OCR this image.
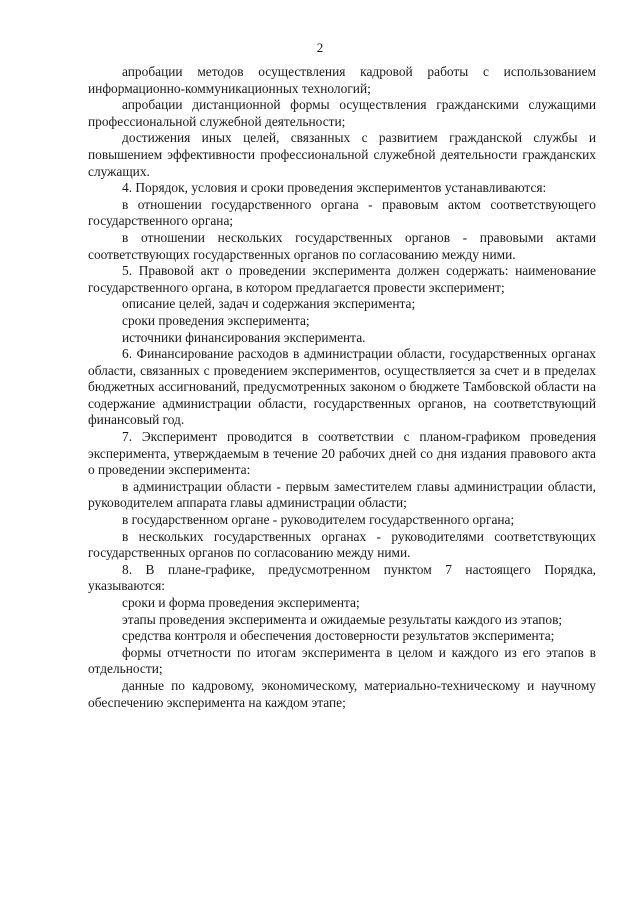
2

апробации методов осуществления кадровой работы с использованием информационно-коммуникационных технологий;

апробации дистанционной формы осуществления гражданскими служащими профессиональной служебной деятельности;

достижения иных целей, связанных с развитием гражданской службы и повышением эффективности профессиональной служебной деятельности гражданских служащих.

4. Порядок, условия и сроки проведения экспериментов устанавливаются:

в отношении государственного органа - правовым актом соответствующего государственного органа;

в отношении нескольких государственных органов - правовыми актами соответствующих государственных органов по согласованию между ними.

5. Правовой акт о проведении эксперимента должен содержать: наименование государственного органа, в котором предлагается провести эксперимент;

описание целей, задач и содержания эксперимента;

сроки проведения эксперимента;

источники финансирования эксперимента.

6. Финансирование расходов в администрации области, государственных органах области, связанных с проведением экспериментов, осуществляется за счет и в пределах бюджетных ассигнований, предусмотренных законом о бюджете Тамбовской области на содержание администрации области, государственных органов, на соответствующий финансовый год.

7. Эксперимент проводится в соответствии с планом-графиком проведения эксперимента, утверждаемым в течение 20 рабочих дней со дня издания правового акта о проведении эксперимента:

в администрации области - первым заместителем главы администрации области, руководителем аппарата главы администрации области;

в государственном органе - руководителем государственного органа;

в нескольких государственных органах - руководителями соответствующих государственных органов по согласованию между ними.

8. В плане-графике, предусмотренном пунктом 7 настоящего Порядка, указываются:

сроки и форма проведения эксперимента;

этапы проведения эксперимента и ожидаемые результаты каждого из этапов;

средства контроля и обеспечения достоверности результатов эксперимента;

формы отчетности по итогам эксперимента в целом и каждого из его этапов в отдельности;

данные по кадровому, экономическому, материально-техническому и научному обеспечению эксперимента на каждом этапе;
